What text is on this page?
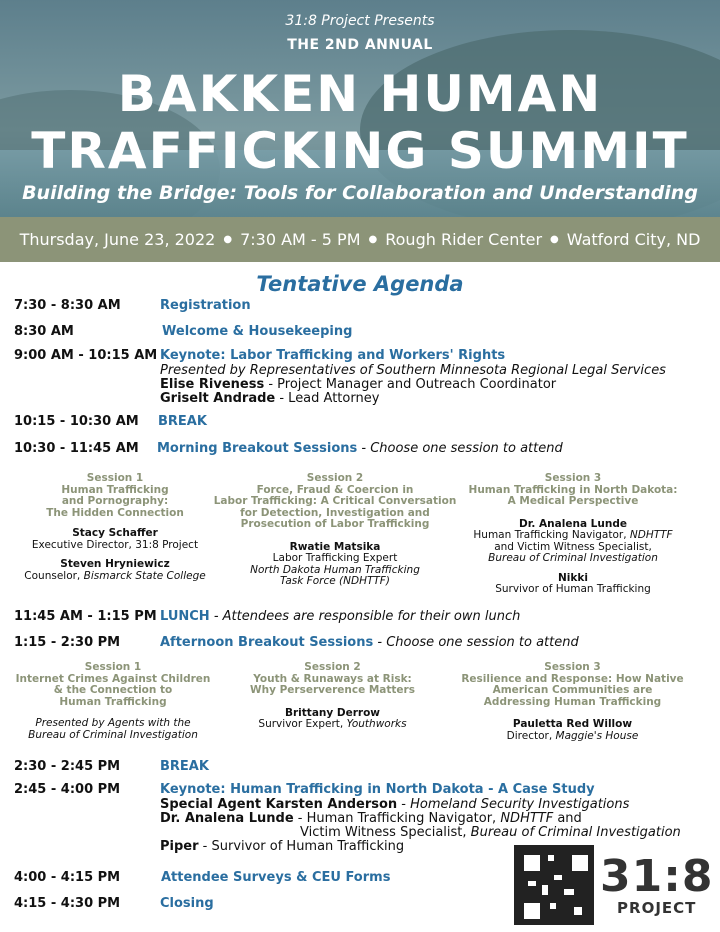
31:8 Project Presents
THE 2ND ANNUAL
BAKKEN HUMAN
TRAFFICKING SUMMIT
Building the Bridge: Tools for Collaboration and Understanding
Thursday, June 23, 2022 ● 7:30 AM - 5 PM ● Rough Rider Center ● Watford City, ND
Tentative Agenda
7:30 - 8:30 AM	Registration
8:30 AM	Welcome & Housekeeping
9:00 AM - 10:15 AM Keynote: Labor Trafficking and Workers' Rights
Presented by Representatives of Southern Minnesota Regional Legal Services
Elise Riveness - Project Manager and Outreach Coordinator
Griselt Andrade - Lead Attorney
10:15 - 10:30 AM BREAK
10:30 - 11:45 AM Morning Breakout Sessions - Choose one session to attend
Session 1
Human Trafficking
and Pornography:
The Hidden Connection
Stacy Schaffer
Executive Director, 31:8 Project
Steven Hryniewicz
Counselor, Bismarck State College
Session 2
Force, Fraud & Coercion in
Labor Trafficking: A Critical Conversation
for Detection, Investigation and
Prosecution of Labor Trafficking
Rwatie Matsika
Labor Trafficking Expert
North Dakota Human Trafficking
Task Force (NDHTTF)
Session 3
Human Trafficking in North Dakota:
A Medical Perspective
Dr. Analena Lunde
Human Trafficking Navigator, NDHTTF
and Victim Witness Specialist,
Bureau of Criminal Investigation
Nikki
Survivor of Human Trafficking
11:45 AM - 1:15 PM LUNCH - Attendees are responsible for their own lunch
1:15 - 2:30 PM	Afternoon Breakout Sessions - Choose one session to attend
Session 1
Internet Crimes Against Children
& the Connection to
Human Trafficking
Presented by Agents with the
Bureau of Criminal Investigation
Session 2
Youth & Runaways at Risk:
Why Perserverence Matters
Brittany Derrow
Survivor Expert, Youthworks
Session 3
Resilience and Response: How Native
American Communities are
Addressing Human Trafficking
Pauletta Red Willow
Director, Maggie's House
2:30 - 2:45 PM	BREAK
2:45 - 4:00 PM	Keynote: Human Trafficking in North Dakota - A Case Study
Special Agent Karsten Anderson - Homeland Security Investigations
Dr. Analena Lunde - Human Trafficking Navigator, NDHTTF and
Victim Witness Specialist, Bureau of Criminal Investigation
Piper - Survivor of Human Trafficking
4:00 - 4:15 PM	Attendee Surveys & CEU Forms
4:15 - 4:30 PM	Closing
31:8
PROJECT
